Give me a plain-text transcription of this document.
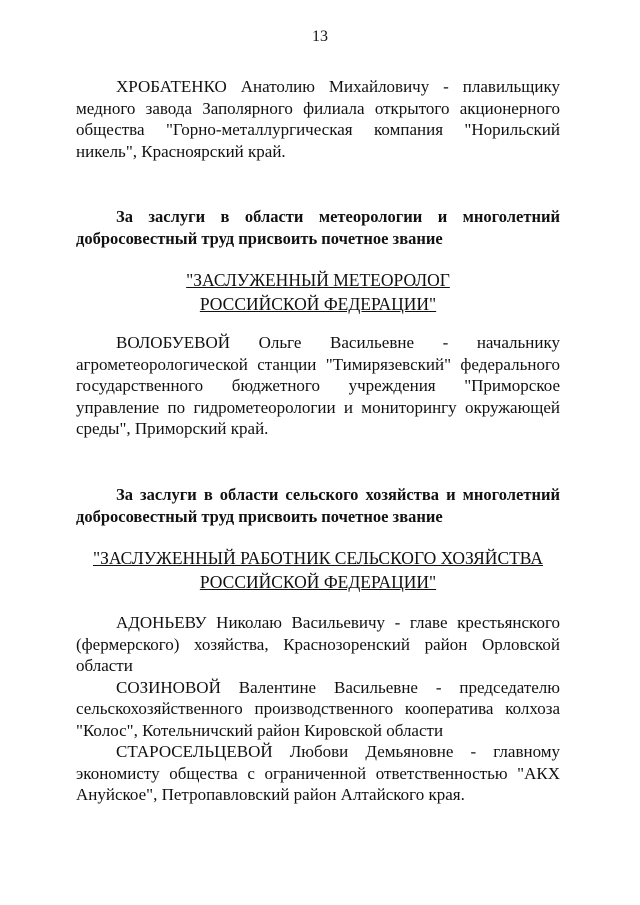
13

ХРОБАТЕНКО Анатолию Михайловичу - плавильщику медного завода Заполярного филиала открытого акционерного общества "Горно-металлургическая компания "Норильский никель", Красноярский край.

За заслуги в области метеорологии и многолетний добросовестный труд присвоить почетное звание
"ЗАСЛУЖЕННЫЙ МЕТЕОРОЛОГ
РОССИЙСКОЙ ФЕДЕРАЦИИ"

ВОЛОБУЕВОЙ Ольге Васильевне - начальнику агрометеорологической станции "Тимирязевский" федерального государственного бюджетного учреждения "Приморское управление по гидрометеорологии и мониторингу окружающей среды", Приморский край.

За заслуги в области сельского хозяйства и многолетний добросовестный труд присвоить почетное звание
"ЗАСЛУЖЕННЫЙ РАБОТНИК СЕЛЬСКОГО ХОЗЯЙСТВА
РОССИЙСКОЙ ФЕДЕРАЦИИ"

АДОНЬЕВУ Николаю Васильевичу - главе крестьянского (фермерского) хозяйства, Краснозоренский район Орловской области

СОЗИНОВОЙ Валентине Васильевне - председателю сельскохозяйственного производственного кооператива колхоза "Колос", Котельничский район Кировской области

СТАРОСЕЛЬЦЕВОЙ Любови Демьяновне - главному экономисту общества с ограниченной ответственностью "АКХ Ануйское", Петропавловский район Алтайского края.
